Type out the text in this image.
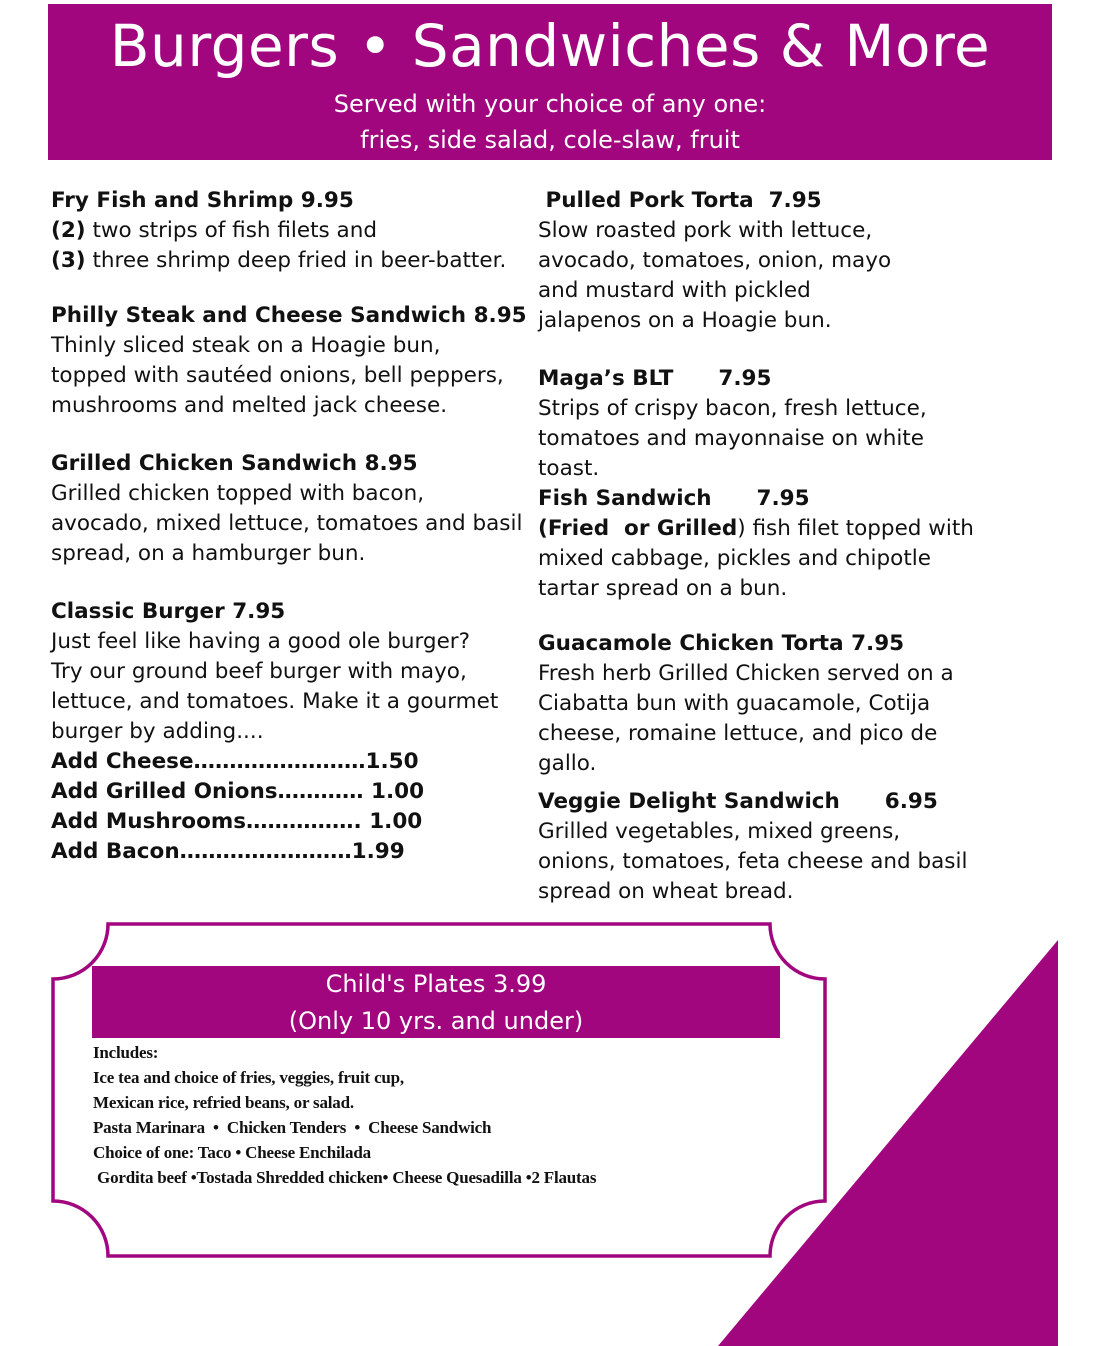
Burgers • Sandwiches & More
Served with your choice of any one:
fries, side salad, cole-slaw, fruit

Fry Fish and Shrimp 9.95

(2) two strips of fish filets and

(3) three shrimp deep fried in beer-batter.

Philly Steak and Cheese Sandwich 8.95

Thinly sliced steak on a Hoagie bun,

topped with sautéed onions, bell peppers,

mushrooms and melted jack cheese.

Grilled Chicken Sandwich 8.95

Grilled chicken topped with bacon,

avocado, mixed lettuce, tomatoes and basil

spread, on a hamburger bun.

Classic Burger 7.95

Just feel like having a good ole burger?

Try our ground beef burger with mayo,

lettuce, and tomatoes. Make it a gourmet

burger by adding....

Add Cheese……………………1.50

Add Grilled Onions………… 1.00

Add Mushrooms……………. 1.00

Add Bacon……………………1.99

Pulled Pork Torta  7.95

Slow roasted pork with lettuce,

avocado, tomatoes, onion, mayo

and mustard with pickled

jalapenos on a Hoagie bun.

Maga’s BLT      7.95

Strips of crispy bacon, fresh lettuce,

tomatoes and mayonnaise on white

toast.

Fish Sandwich      7.95

(Fried  or Grilled) fish filet topped with

mixed cabbage, pickles and chipotle

tartar spread on a bun.

Guacamole Chicken Torta 7.95

Fresh herb Grilled Chicken served on a

Ciabatta bun with guacamole, Cotija

cheese, romaine lettuce, and pico de

gallo.

Veggie Delight Sandwich      6.95

Grilled vegetables, mixed greens,

onions, tomatoes, feta cheese and basil

spread on wheat bread.

Child's Plates 3.99
(Only 10 yrs. and under)

Includes:

Ice tea and choice of fries, veggies, fruit cup,

Mexican rice, refried beans, or salad.

Pasta Marinara  •  Chicken Tenders  •  Cheese Sandwich

Choice of one: Taco • Cheese Enchilada

Gordita beef •Tostada Shredded chicken• Cheese Quesadilla •2 Flautas
